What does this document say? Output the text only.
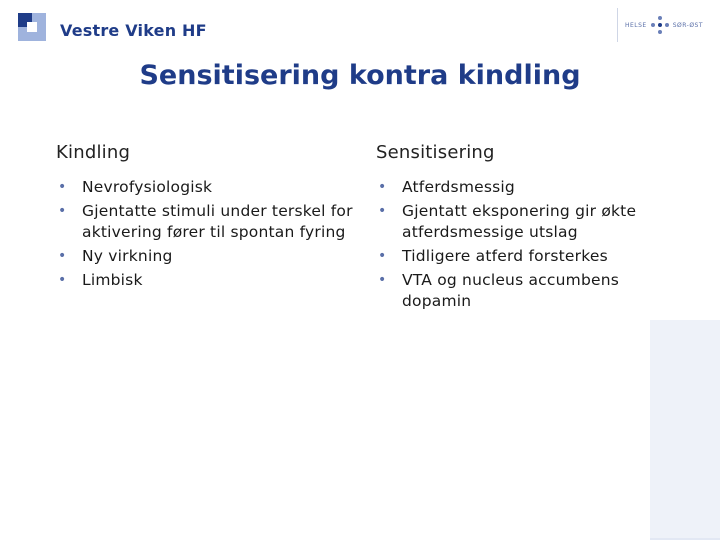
Vestre Viken HF	HELSE	SØR-ØST
Sensitisering kontra kindling
Kindling
• Nevrofysiologisk
• Gjentatte stimuli under terskel for aktivering fører til spontan fyring
• Ny virkning
• Limbisk
Sensitisering
• Atferdsmessig
• Gjentatt eksponering gir økte atferdsmessige utslag
• Tidligere atferd forsterkes
• VTA og nucleus accumbens dopamin
